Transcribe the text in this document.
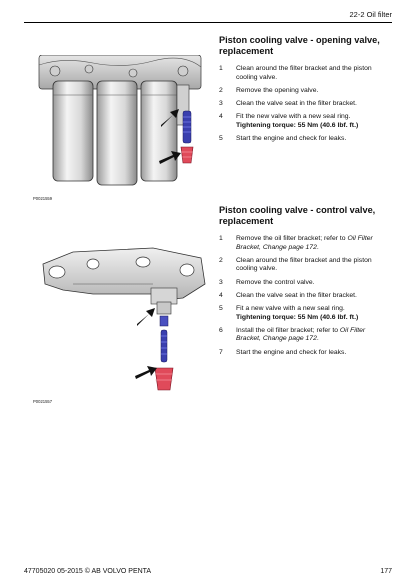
22-2 Oil filter
P0021559
Piston cooling valve - opening valve, replacement
1	Clean around the filter bracket and the piston cooling valve.
2	Remove the opening valve.
3	Clean the valve seat in the filter bracket.
4	Fit the new valve with a new seal ring.
Tightening torque: 55 Nm (40.6 lbf. ft.)
5	Start the engine and check for leaks.
P0021557
Piston cooling valve - control valve, replacement
1	Remove the oil filter bracket; refer to Oil Filter Bracket, Change page 172.
2	Clean around the filter bracket and the piston cooling valve.
3	Remove the control valve.
4	Clean the valve seat in the filter bracket.
5	Fit a new valve with a new seal ring.
Tightening torque: 55 Nm (40.6 lbf. ft.)
6	Install the oil filter bracket; refer to Oil Filter Bracket, Change page 172.
7	Start the engine and check for leaks.
47705020 05-2015 © AB VOLVO PENTA	177
